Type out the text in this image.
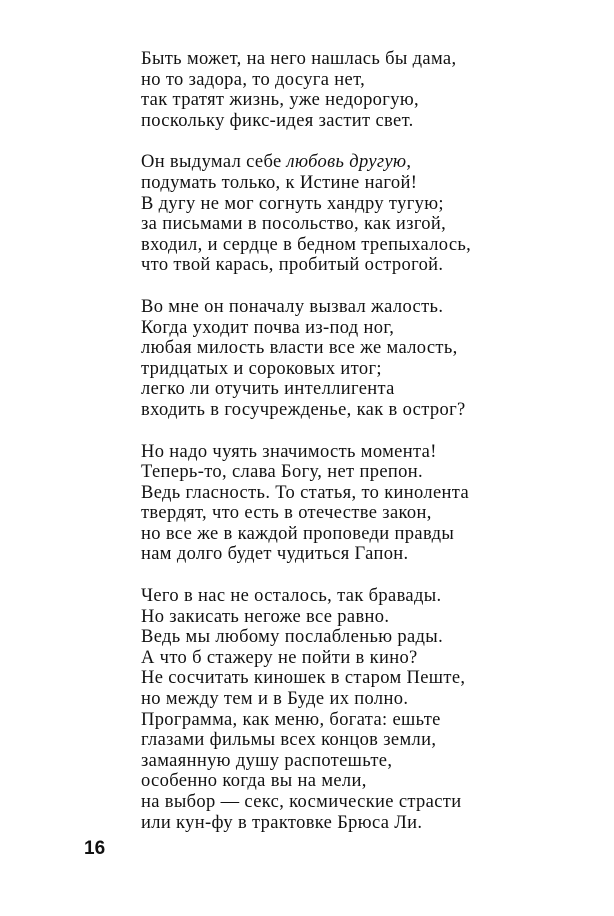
Быть может, на него нашлась бы дама,
но то задора, то досуга нет,
так тратят жизнь, уже недорогую,
поскольку фикс-идея застит свет.
Он выдумал себе любовь другую,
подумать только, к Истине нагой!
В дугу не мог согнуть хандру тугую;
за письмами в посольство, как изгой,
входил, и сердце в бедном трепыхалось,
что твой карась, пробитый острогой.
Во мне он поначалу вызвал жалость.
Когда уходит почва из-под ног,
любая милость власти все же малость,
тридцатых и сороковых итог;
легко ли отучить интеллигента
входить в госучрежденье, как в острог?
Но надо чуять значимость момента!
Теперь-то, слава Богу, нет препон.
Ведь гласность. То статья, то кинолента
твердят, что есть в отечестве закон,
но все же в каждой проповеди правды
нам долго будет чудиться Гапон.
Чего в нас не осталось, так бравады.
Но закисать негоже все равно.
Ведь мы любому послабленью рады.
А что б стажеру не пойти в кино?
Не сосчитать киношек в старом Пеште,
но между тем и в Буде их полно.
Программа, как меню, богата: ешьте
глазами фильмы всех концов земли,
замаянную душу распотешьте,
особенно когда вы на мели,
на выбор — секс, космические страсти
или кун-фу в трактовке Брюса Ли.
16
